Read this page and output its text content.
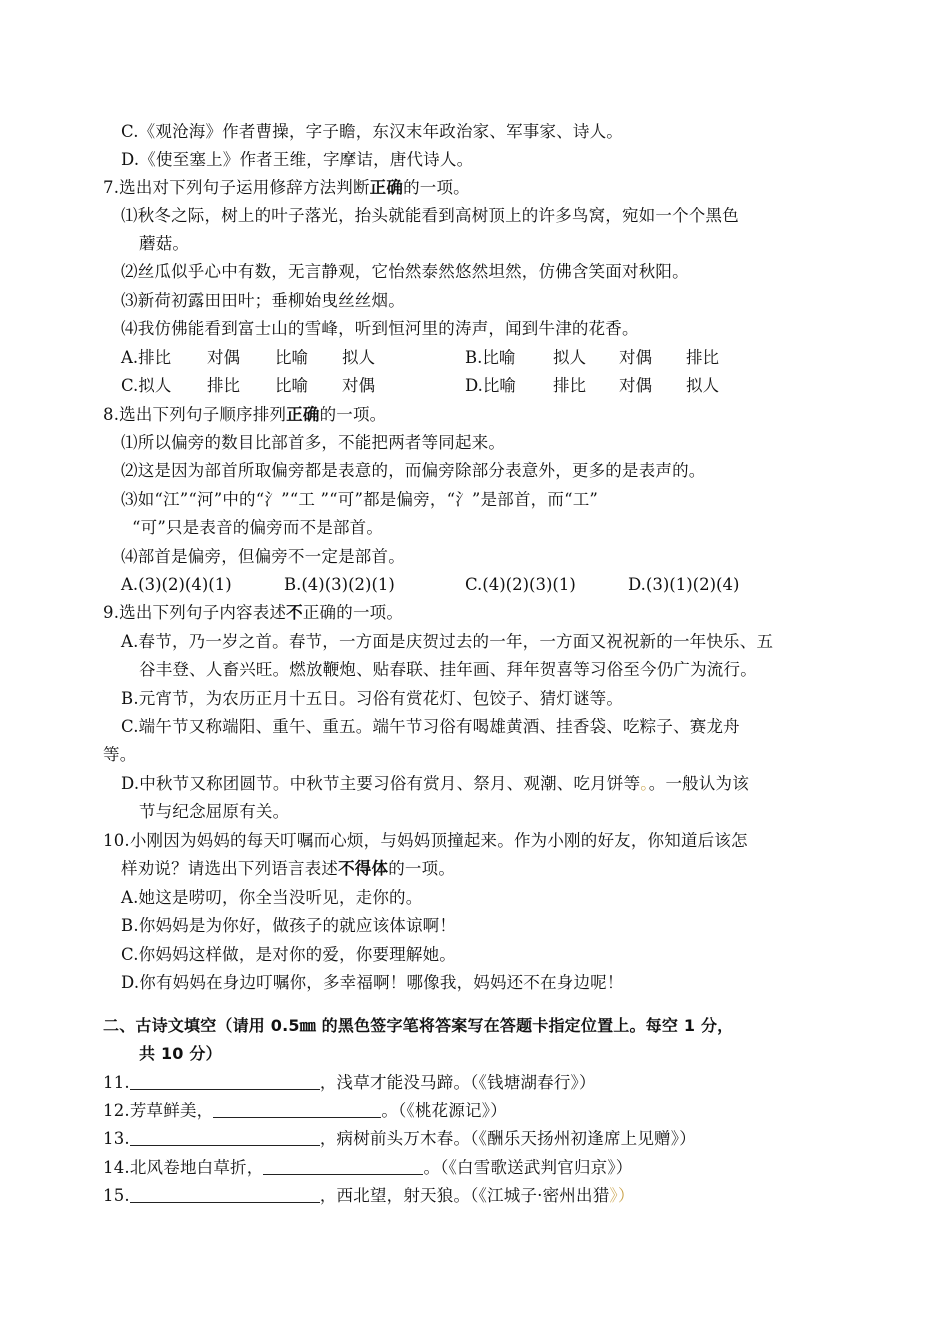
C.《观沧海》作者曹操，字子瞻，东汉末年政治家、军事家、诗人。
D.《使至塞上》作者王维，字摩诘，唐代诗人。
7.选出对下列句子运用修辞方法判断正确的一项。
⑴秋冬之际，树上的叶子落光，抬头就能看到高树顶上的许多鸟窝，宛如一个个黑色
蘑菇。
⑵丝瓜似乎心中有数，无言静观，它怡然泰然悠然坦然，仿佛含笑面对秋阳。
⑶新荷初露田田叶；垂柳始曳丝丝烟。
⑷我仿佛能看到富士山的雪峰，听到恒河里的涛声，闻到牛津的花香。
A.排比 对偶 比喻 拟人	B.比喻 拟人 对偶 排比
C.拟人 排比 比喻 对偶	D.比喻 排比 对偶 拟人
8.选出下列句子顺序排列正确的一项。
⑴所以偏旁的数目比部首多，不能把两者等同起来。
⑵这是因为部首所取偏旁都是表意的，而偏旁除部分表意外，更多的是表声的。
⑶如“江”“河”中的“氵”“工 ”“可”都是偏旁，“氵”是部首，而“工”
“可”只是表音的偏旁而不是部首。
⑷部首是偏旁，但偏旁不一定是部首。
A.(3)(2)(4)(1)	B.(4)(3)(2)(1)	C.(4)(2)(3)(1)	D.(3)(1)(2)(4)
9.选出下列句子内容表述不正确的一项。
A.春节，乃一岁之首。春节，一方面是庆贺过去的一年，一方面又祝祝新的一年快乐、五
谷丰登、人畜兴旺。燃放鞭炮、贴春联、挂年画、拜年贺喜等习俗至今仍广为流行。
B.元宵节，为农历正月十五日。习俗有赏花灯、包饺子、猜灯谜等。
C.端午节又称端阳、重午、重五。端午节习俗有喝雄黄酒、挂香袋、吃粽子、赛龙舟
等。
D.中秋节又称团圆节。中秋节主要习俗有赏月、祭月、观潮、吃月饼等。。一般认为该
节与纪念屈原有关。
10.小刚因为妈妈的每天叮嘱而心烦，与妈妈顶撞起来。作为小刚的好友，你知道后该怎
样劝说？请选出下列语言表述不得体的一项。
A.她这是唠叨，你全当没听见，走你的。
B.你妈妈是为你好，做孩子的就应该体谅啊！
C.你妈妈这样做，是对你的爱，你要理解她。
D.你有妈妈在身边叮嘱你，多幸福啊！哪像我，妈妈还不在身边呢！
二、古诗文填空（请用 0.5㎜ 的黑色签字笔将答案写在答题卡指定位置上。每空 1 分，
共 10 分）
11.	，浅草才能没马蹄。（《钱塘湖春行》）
12.芳草鲜美，	。（《桃花源记》）
13.	，病树前头万木春。（《酬乐天扬州初逢席上见赠》）
14.北风卷地白草折，	。（《白雪歌送武判官归京》）
15.	，西北望，射天狼。（《江城子·密州出猎》）
